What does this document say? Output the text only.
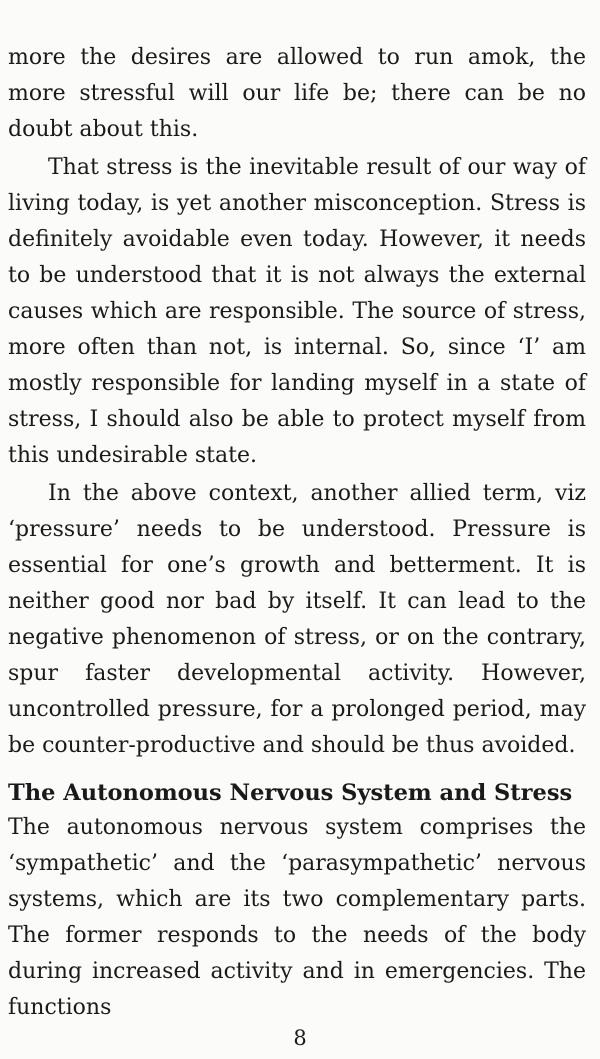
more the desires are allowed to run amok, the more stressful will our life be; there can be no doubt about this.

That stress is the inevitable result of our way of living today, is yet another misconception. Stress is definitely avoidable even today. However, it needs to be understood that it is not always the external causes which are responsible. The source of stress, more often than not, is internal. So, since ‘I’ am mostly responsible for landing myself in a state of stress, I should also be able to protect myself from this undesirable state.

In the above context, another allied term, viz ‘pressure’ needs to be understood. Pressure is essential for one’s growth and betterment. It is neither good nor bad by itself. It can lead to the negative phenomenon of stress, or on the contrary, spur faster developmental activity. However, uncontrolled pressure, for a prolonged period, may be counter-productive and should be thus avoided.

The Autonomous Nervous System and Stress

The autonomous nervous system comprises the ‘sympathetic’ and the ‘parasympathetic’ nervous systems, which are its two complementary parts. The former responds to the needs of the body during increased activity and in emergencies. The functions

8
